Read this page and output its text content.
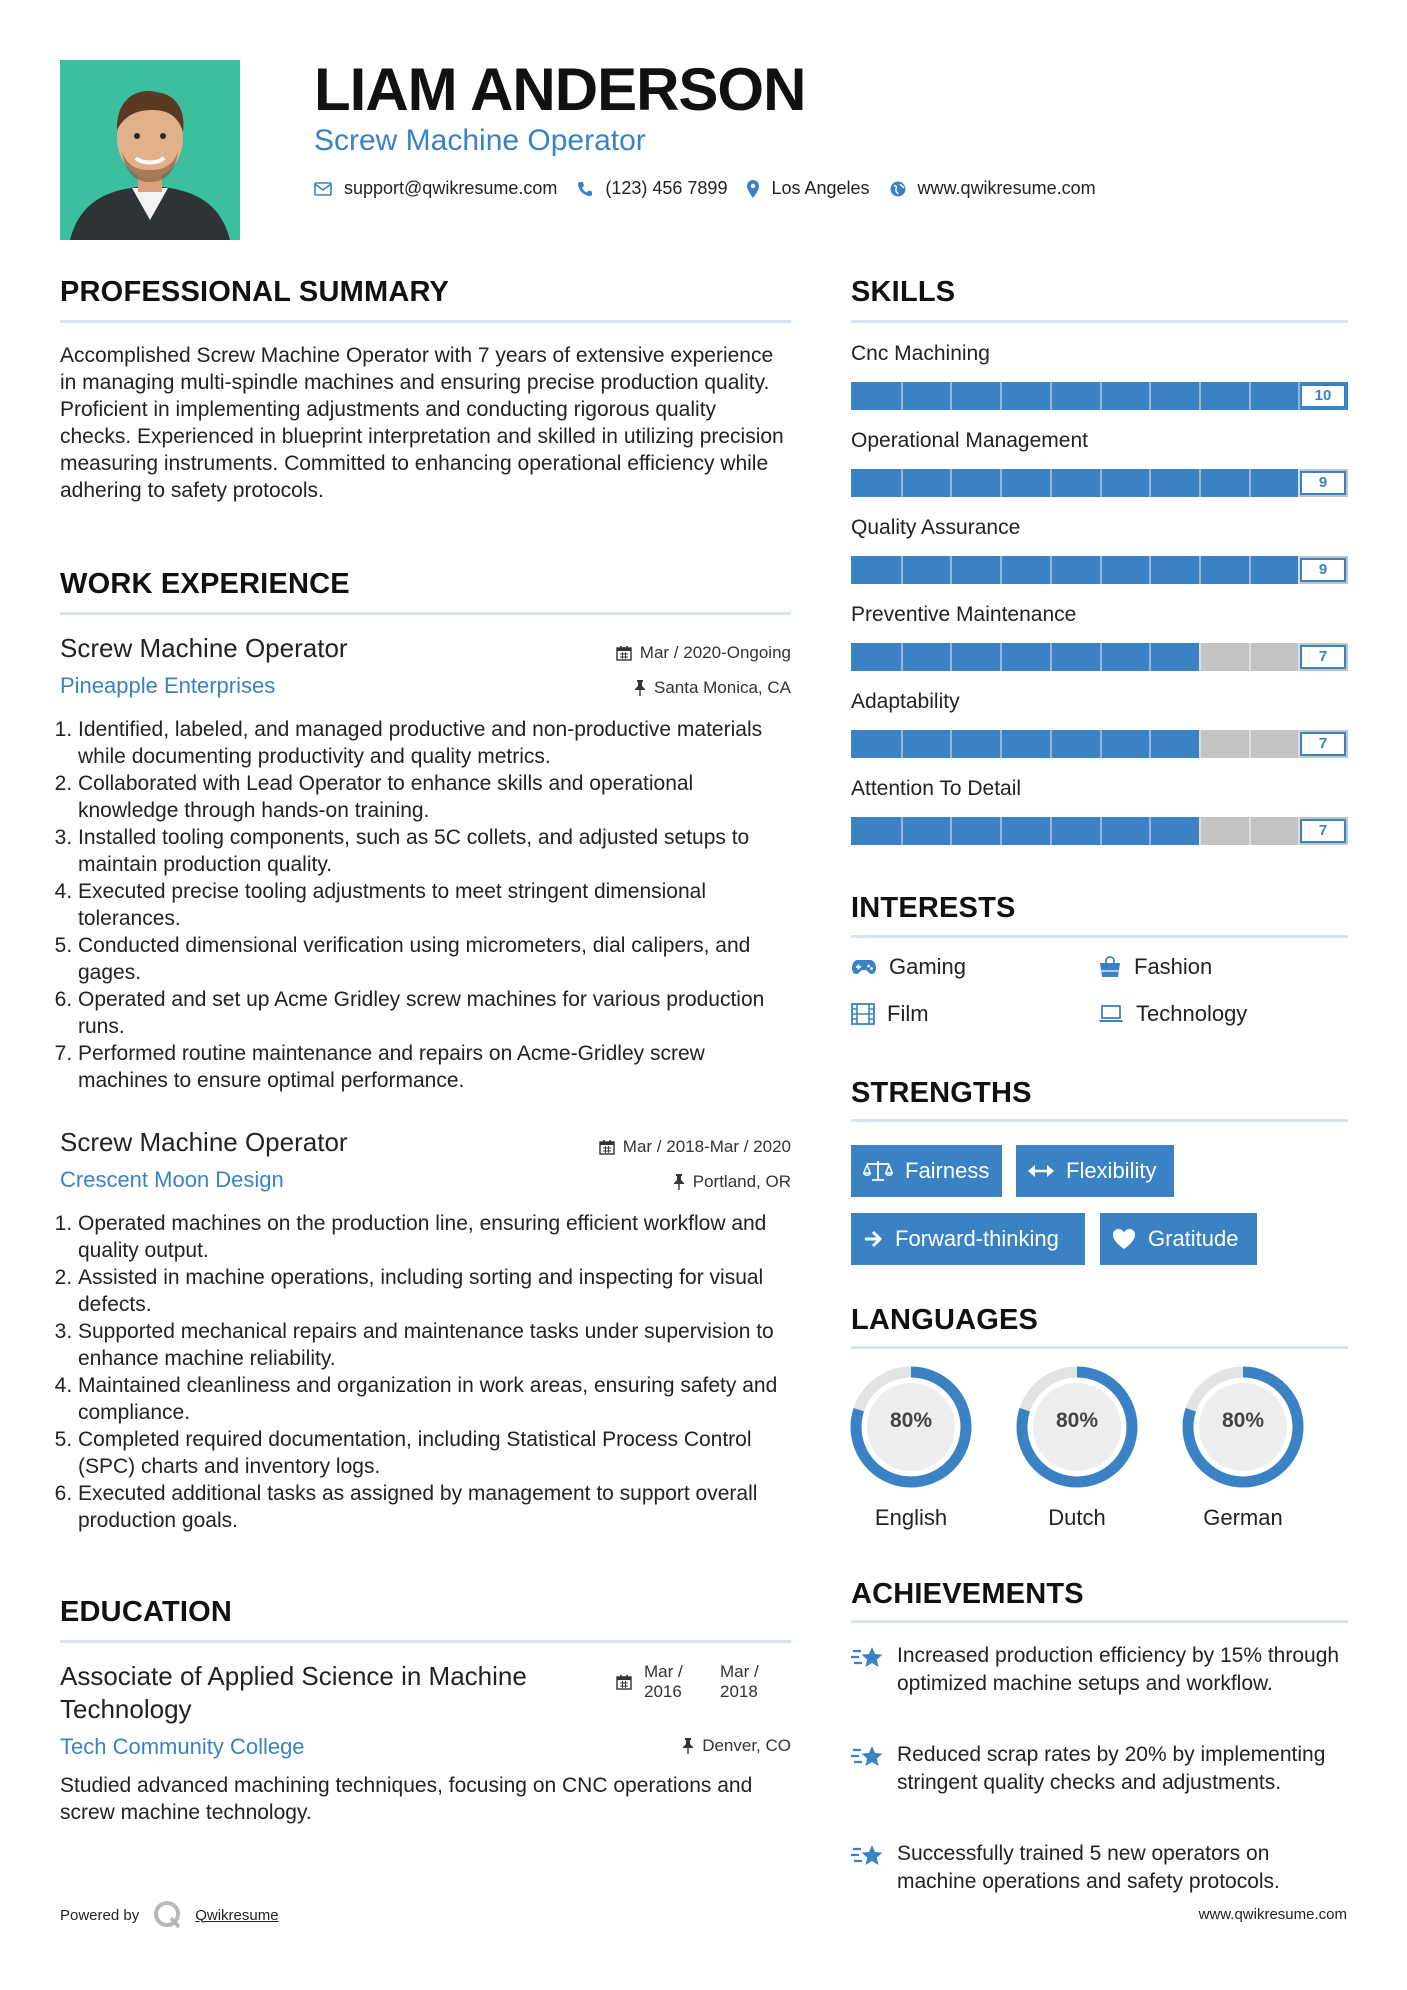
LIAM ANDERSON
Screw Machine Operator
support@qwikresume.com	(123) 456 7899 Los Angeles	www.qwikresume.com
PROFESSIONAL SUMMARY
Accomplished Screw Machine Operator with 7 years of extensive experience in managing multi-spindle machines and ensuring precise production quality. Proficient in implementing adjustments and conducting rigorous quality checks. Experienced in blueprint interpretation and skilled in utilizing precision measuring instruments. Committed to enhancing operational efficiency while adhering to safety protocols.
WORK EXPERIENCE
Screw Machine Operator	Mar / 2020-Ongoing
Pineapple Enterprises	Santa Monica, CA
1. Identified, labeled, and managed productive and non-productive materials while documenting productivity and quality metrics.
2. Collaborated with Lead Operator to enhance skills and operational knowledge through hands-on training.
3. Installed tooling components, such as 5C collets, and adjusted setups to maintain production quality.
4. Executed precise tooling adjustments to meet stringent dimensional tolerances.
5. Conducted dimensional verification using micrometers, dial calipers, and gages.
6. Operated and set up Acme Gridley screw machines for various production runs.
7. Performed routine maintenance and repairs on Acme-Gridley screw machines to ensure optimal performance.
Screw Machine Operator	Mar / 2018-Mar / 2020
Crescent Moon Design	Portland, OR
1. Operated machines on the production line, ensuring efficient workflow and quality output.
2. Assisted in machine operations, including sorting and inspecting for visual defects.
3. Supported mechanical repairs and maintenance tasks under supervision to enhance machine reliability.
4. Maintained cleanliness and organization in work areas, ensuring safety and compliance.
5. Completed required documentation, including Statistical Process Control (SPC) charts and inventory logs.
6. Executed additional tasks as assigned by management to support overall production goals.
EDUCATION
Associate of Applied Science in Machine Technology
Mar / 2016
Mar / 2018
Tech Community College	Denver, CO
Studied advanced machining techniques, focusing on CNC operations and screw machine technology.
Powered by	Qwikresume	www.qwikresume.com
SKILLS
Cnc Machining
10
Operational Management
9
Quality Assurance
9
Preventive Maintenance
7
Adaptability
7
Attention To Detail
7
INTERESTS
Gaming	Fashion
Film	Technology
STRENGTHS
Fairness	Flexibility
Forward-thinking	Gratitude
LANGUAGES
80%
English
80%
Dutch
80%
German
ACHIEVEMENTS
Increased production efficiency by 15% through optimized machine setups and workflow.
Reduced scrap rates by 20% by implementing stringent quality checks and adjustments.
Successfully trained 5 new operators on machine operations and safety protocols.
